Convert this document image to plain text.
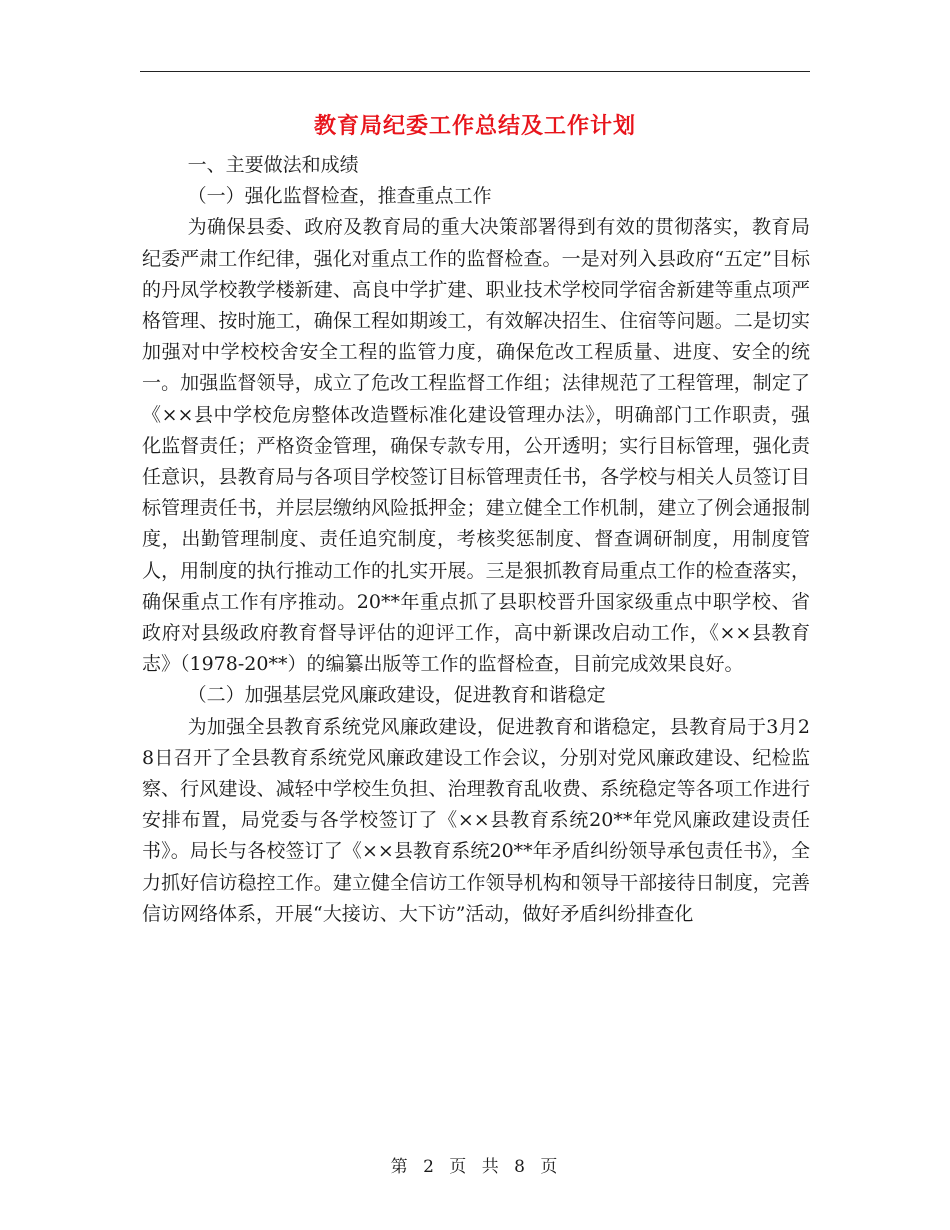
教育局纪委工作总结及工作计划

一、主要做法和成绩

（一）强化监督检查，推查重点工作

为确保县委、政府及教育局的重大决策部署得到有效的贯彻落实，教育局纪委严肃工作纪律，强化对重点工作的监督检查。一是对列入县政府“五定”目标的丹凤学校教学楼新建、高良中学扩建、职业技术学校同学宿舍新建等重点项严格管理、按时施工，确保工程如期竣工，有效解决招生、住宿等问题。二是切实加强对中学校校舍安全工程的监管力度，确保危改工程质量、进度、安全的统一。加强监督领导，成立了危改工程监督工作组；法律规范了工程管理，制定了《××县中学校危房整体改造暨标准化建设管理办法》，明确部门工作职责，强化监督责任；严格资金管理，确保专款专用，公开透明；实行目标管理，强化责任意识，县教育局与各项目学校签订目标管理责任书，各学校与相关人员签订目标管理责任书，并层层缴纳风险抵押金；建立健全工作机制，建立了例会通报制度，出勤管理制度、责任追究制度，考核奖惩制度、督查调研制度，用制度管人，用制度的执行推动工作的扎实开展。三是狠抓教育局重点工作的检查落实，确保重点工作有序推动。20**年重点抓了县职校晋升国家级重点中职学校、省政府对县级政府教育督导评估的迎评工作，高中新课改启动工作，《××县教育志》（1978-20**）的编纂出版等工作的监督检查，目前完成效果良好。

（二）加强基层党风廉政建设，促进教育和谐稳定

为加强全县教育系统党风廉政建设，促进教育和谐稳定，县教育局于3月28日召开了全县教育系统党风廉政建设工作会议，分别对党风廉政建设、纪检监察、行风建设、减轻中学校生负担、治理教育乱收费、系统稳定等各项工作进行安排布置，局党委与各学校签订了《××县教育系统20**年党风廉政建设责任书》。局长与各校签订了《××县教育系统20**年矛盾纠纷领导承包责任书》，全力抓好信访稳控工作。建立健全信访工作领导机构和领导干部接待日制度，完善信访网络体系，开展“大接访、大下访”活动，做好矛盾纠纷排查化

第 2 页 共 8 页
